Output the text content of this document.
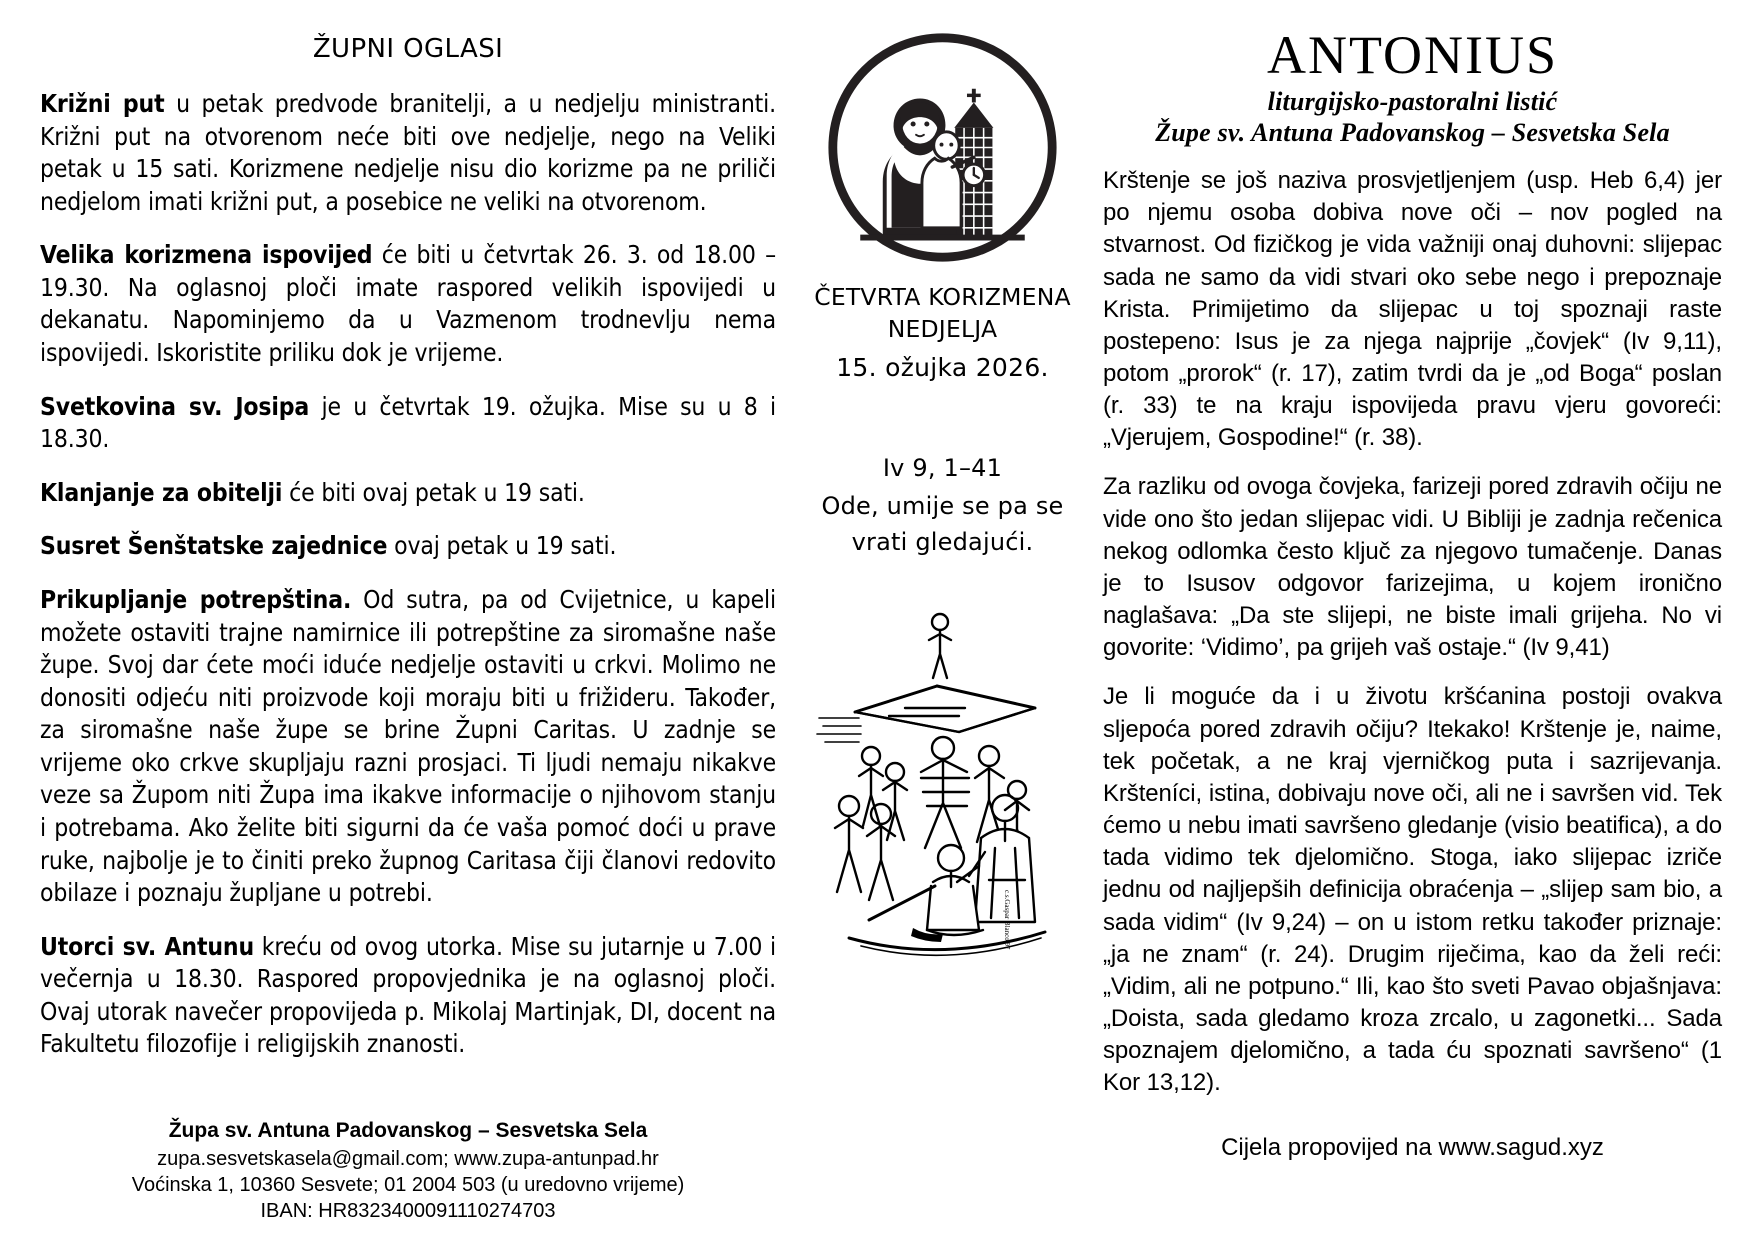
ŽUPNI OGLASI

Križni put u petak predvode branitelji, a u nedjelju ministranti. Križni put na otvorenom neće biti ove nedjelje, nego na Veliki petak u 15 sati. Korizmene nedjelje nisu dio korizme pa ne priliči nedjelom imati križni put, a posebice ne veliki na otvorenom.

Velika korizmena ispovijed će biti u četvrtak 26. 3. od 18.00 – 19.30. Na oglasnoj ploči imate raspored velikih ispovijedi u dekanatu. Napominjemo da u Vazmenom trodnevlju nema ispovijedi. Iskoristite priliku dok je vrijeme.

Svetkovina sv. Josipa je u četvrtak 19. ožujka. Mise su u 8 i 18.30.

Klanjanje za obitelji će biti ovaj petak u 19 sati.

Susret Šenštatske zajednice ovaj petak u 19 sati.

Prikupljanje potrepština. Od sutra, pa od Cvijetnice, u kapeli možete ostaviti trajne namirnice ili potrepštine za siromašne naše župe. Svoj dar ćete moći iduće nedjelje ostaviti u crkvi. Molimo ne donositi odjeću niti proizvode koji moraju biti u frižideru. Također, za siromašne naše župe se brine Župni Caritas. U zadnje se vrijeme oko crkve skupljaju razni prosjaci. Ti ljudi nemaju nikakve veze sa Župom niti Župa ima ikakve informacije o njihovom stanju i potrebama. Ako želite biti sigurni da će vaša pomoć doći u prave ruke, najbolje je to činiti preko župnog Caritasa čiji članovi redovito obilaze i poznaju župljane u potrebi.

Utorci sv. Antunu kreću od ovog utorka. Mise su jutarnje u 7.00 i večernja u 18.30. Raspored propovjednika je na oglasnoj ploči. Ovaj utorak navečer propovijeda p. Mikolaj Martinjak, DI, docent na Fakultetu filozofije i religijskih znanosti.

Župa sv. Antuna Padovanskog – Sesvetska Sela
zupa.sesvetskasela@gmail.com; www.zupa-antunpad.hr
Voćinska 1, 10360 Sesvete; 01 2004 503 (u uredovno vrijeme)
IBAN: HR8323400091110274703
ČETVRTA KORIZMENA
NEDJELJA
15. ožujka 2026.
Iv 9, 1–41
Ode, umije se pa se
vrati gledajući.
c.s.Gaspar Blanco 97
ANTONIUS
liturgijsko-pastoralni listić
Župe sv. Antuna Padovanskog – Sesvetska Sela

Krštenje se još naziva prosvjetljenjem (usp. Heb 6,4) jer po njemu osoba dobiva nove oči – nov pogled na stvarnost. Od fizičkog je vida važniji onaj duhovni: slijepac sada ne samo da vidi stvari oko sebe nego i prepoznaje Krista. Primijetimo da slijepac u toj spoznaji raste postepeno: Isus je za njega najprije „čovjek“ (Iv 9,11), potom „prorok“ (r. 17), zatim tvrdi da je „od Boga“ poslan (r. 33) te na kraju ispovijeda pravu vjeru govoreći: „Vjerujem, Gospodine!“ (r. 38).

Za razliku od ovoga čovjeka, farizeji pored zdravih očiju ne vide ono što jedan slijepac vidi. U Bibliji je zadnja rečenica nekog odlomka često ključ za njegovo tumačenje. Danas je to Isusov odgovor farizejima, u kojem ironično naglašava: „Da ste slijepi, ne biste imali grijeha. No vi govorite: ‘Vidimo’, pa grijeh vaš ostaje.“ (Iv 9,41)

Je li moguće da i u životu kršćanina postoji ovakva sljepoća pored zdravih očiju? Itekako! Krštenje je, naime, tek početak, a ne kraj vjerničkog puta i sazrijevanja. Kršteníci, istina, dobivaju nove oči, ali ne i savršen vid. Tek ćemo u nebu imati savršeno gledanje (visio beatifica), a do tada vidimo tek djelomično. Stoga, iako slijepac izriče jednu od najljepših definicija obraćenja – „slijep sam bio, a sada vidim“ (Iv 9,24) – on u istom retku također priznaje: „ja ne znam“ (r. 24). Drugim riječima, kao da želi reći: „Vidim, ali ne potpuno.“ Ili, kao što sveti Pavao objašnjava: „Doista, sada gledamo kroza zrcalo, u zagonetki... Sada spoznajem djelomično, a tada ću spoznati savršeno“ (1 Kor 13,12).

Cijela propovijed na www.sagud.xyz
